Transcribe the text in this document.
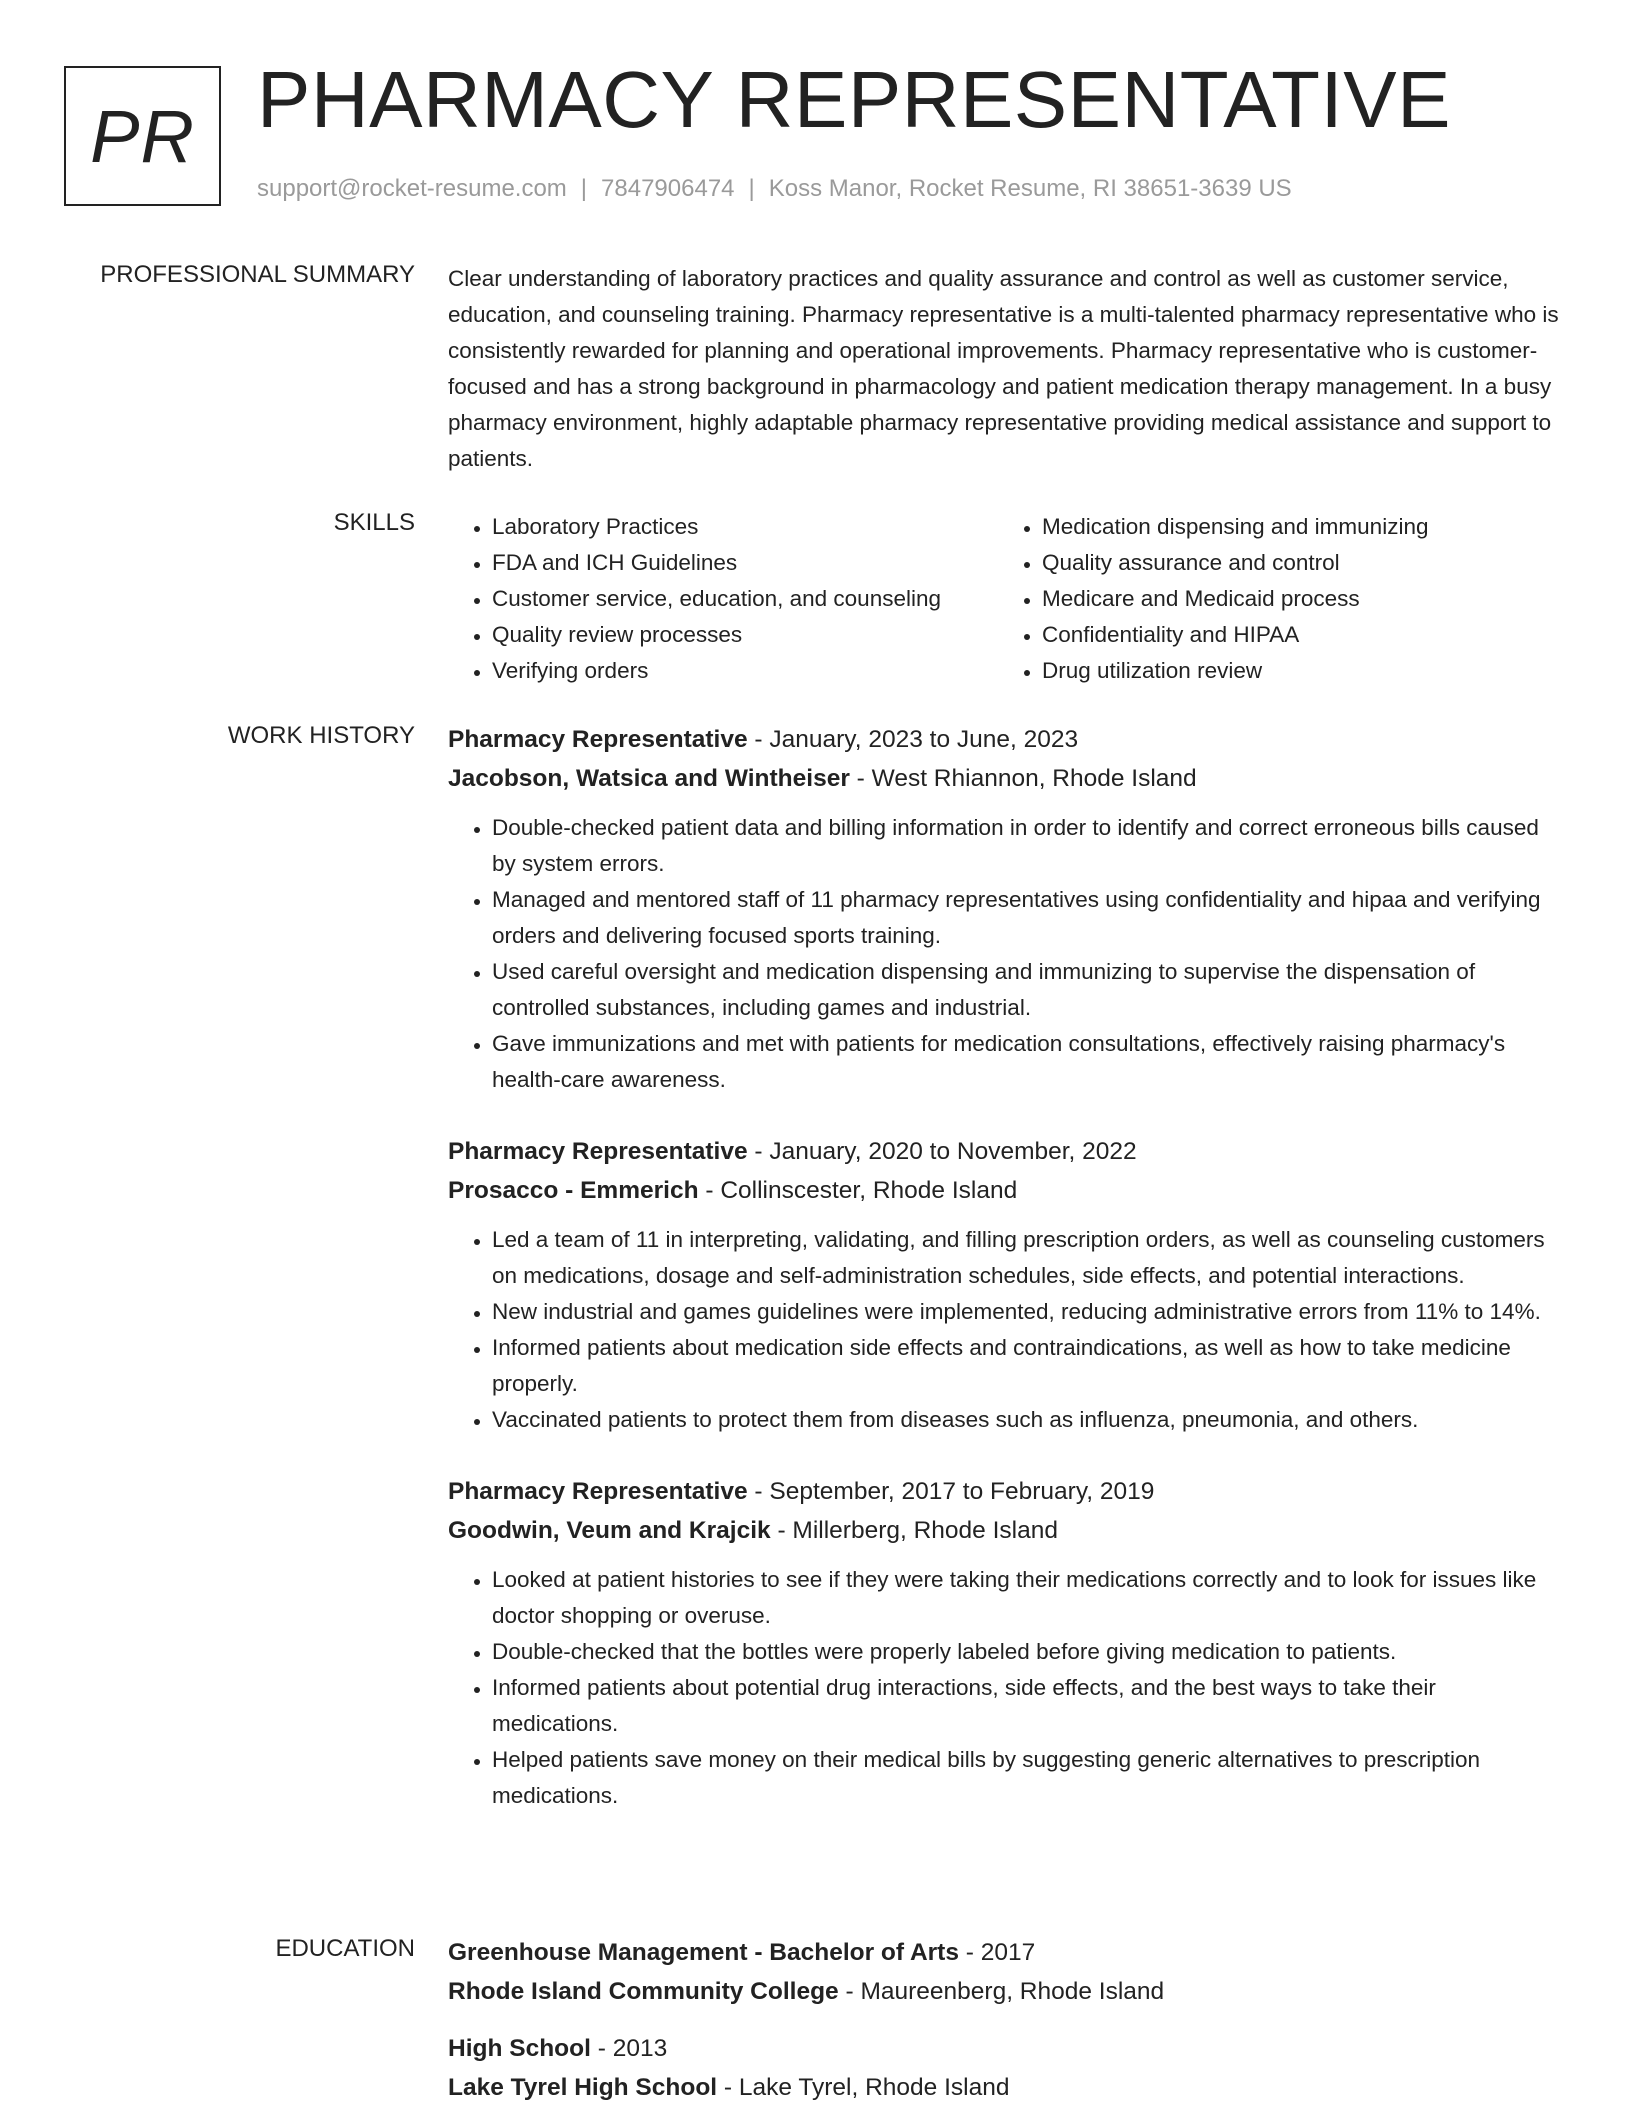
PR PHARMACY REPRESENTATIVE
support@rocket-resume.com | 7847906474 | Koss Manor, Rocket Resume, RI 38651-3639 US
PROFESSIONAL SUMMARY Clear understanding of laboratory practices and quality assurance and control as well as customer service, education, and counseling training. Pharmacy representative is a multi-talented pharmacy representative who is consistently rewarded for planning and operational improvements. Pharmacy representative who is customer-focused and has a strong background in pharmacology and patient medication therapy management. In a busy pharmacy environment, highly adaptable pharmacy representative providing medical assistance and support to patients.

SKILLS
•	Laboratory Practices
• FDA and ICH Guidelines
• Customer service, education, and counseling
• Quality review processes
• Verifying orders
• Medication dispensing and immunizing
• Quality assurance and control
• Medicare and Medicaid process
• Confidentiality and HIPAA
• Drug utilization review
WORK HISTORY Pharmacy Representative - January, 2023 to June, 2023
Jacobson, Watsica and Wintheiser - West Rhiannon, Rhode Island
• Double-checked patient data and billing information in order to identify and correct erroneous bills caused by system errors.
• Managed and mentored staff of 11 pharmacy representatives using confidentiality and hipaa and verifying orders and delivering focused sports training.
• Used careful oversight and medication dispensing and immunizing to supervise the dispensation of controlled substances, including games and industrial.
• Gave immunizations and met with patients for medication consultations, effectively raising pharmacy's health-care awareness.
Pharmacy Representative - January, 2020 to November, 2022
Prosacco - Emmerich - Collinscester, Rhode Island
• Led a team of 11 in interpreting, validating, and filling prescription orders, as well as counseling customers on medications, dosage and self-administration schedules, side effects, and potential interactions.
• New industrial and games guidelines were implemented, reducing administrative errors from 11% to 14%.
• Informed patients about medication side effects and contraindications, as well as how to take medicine properly.
• Vaccinated patients to protect them from diseases such as influenza, pneumonia, and others.
Pharmacy Representative - September, 2017 to February, 2019
Goodwin, Veum and Krajcik - Millerberg, Rhode Island
• Looked at patient histories to see if they were taking their medications correctly and to look for issues like doctor shopping or overuse.
• Double-checked that the bottles were properly labeled before giving medication to patients.
• Informed patients about potential drug interactions, side effects, and the best ways to take their medications.
• Helped patients save money on their medical bills by suggesting generic alternatives to prescription medications.
EDUCATION Greenhouse Management - Bachelor of Arts - 2017
Rhode Island Community College - Maureenberg, Rhode Island
High School - 2013
Lake Tyrel High School - Lake Tyrel, Rhode Island
